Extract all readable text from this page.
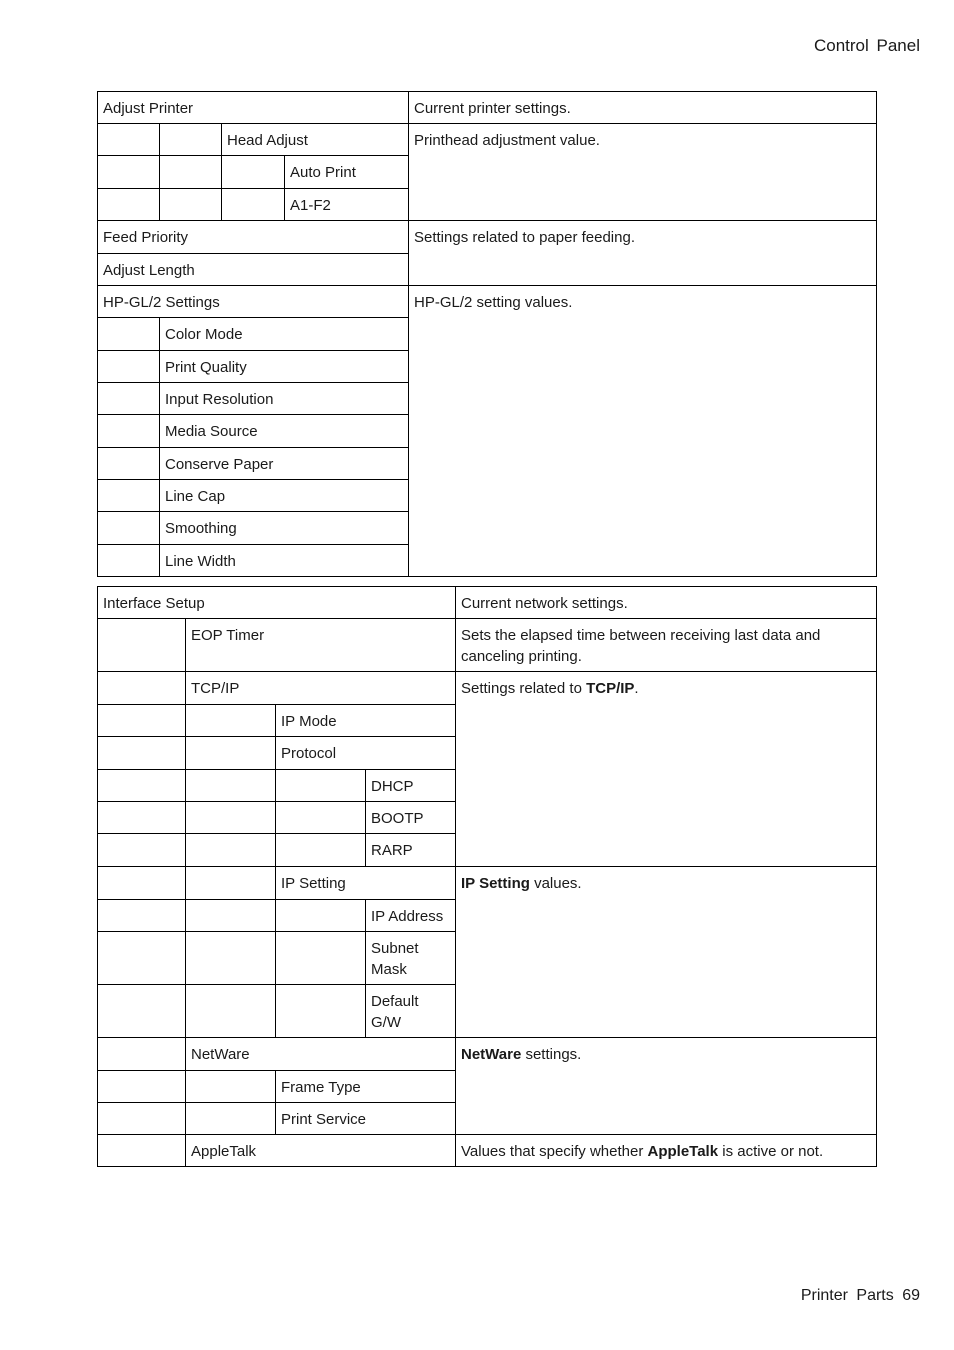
Control Panel
Adjust Printer	Current printer settings.
Head Adjust	Printhead adjustment value.
Auto Print
A1-F2
Feed Priority	Settings related to paper feeding.
Adjust Length
HP-GL/2 Settings	HP-GL/2 setting values.
Color Mode
Print Quality
Input Resolution
Media Source
Conserve Paper
Line Cap
Smoothing
Line Width
Interface Setup	Current network settings.
EOP Timer	Sets the elapsed time between receiving last data and canceling printing.
TCP/IP	Settings related to TCP/IP.
IP Mode
Protocol
DHCP
BOOTP
RARP
IP Setting	IP Setting values.
IP Address
Subnet Mask
Default G/W
NetWare	NetWare settings.
Frame Type
Print Service
AppleTalk	Values that specify whether AppleTalk is active or not.
Printer Parts 69
